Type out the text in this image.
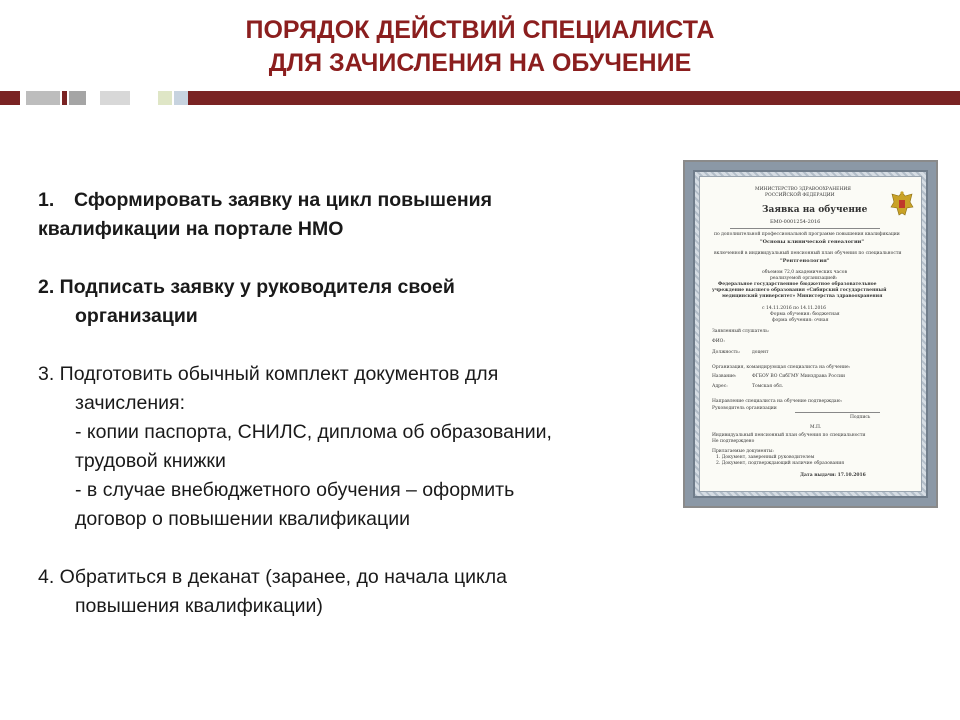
ПОРЯДОК ДЕЙСТВИЙ СПЕЦИАЛИСТА
ДЛЯ ЗАЧИСЛЕНИЯ НА ОБУЧЕНИЕ
1. Сформировать заявку на цикл повышения
квалификации на портале НМО
2. Подписать заявку у руководителя своей
организации
3. Подготовить обычный комплект документов для
зачисления:
- копии паспорта, СНИЛС, диплома об образовании,
трудовой книжки
- в случае внебюджетного обучения – оформить
договор о повышении квалификации
4. Обратиться в деканат (заранее, до начала цикла
повышения квалификации)
МИНИСТЕРСТВО ЗДРАВООХРАНЕНИЯ
РОССИЙСКОЙ ФЕДЕРАЦИИ
Заявка на обучение
БМ0-0001254-2016
по дополнительной профессиональной программе повышения квалификации
"Основы клинической генеалогии"
включенной в индивидуальный пенсионный план обучения по специальности
"Рентгенология"
объемом 72,0 академических часов
реализуемой организацией:
Федеральное государственное бюджетное образовательное
учреждение высшего образования «Сибирский государственный
медицинский университет» Министерства здравоохранения
с 14.11.2016 по 14.11.2016
Форма обучения: бюджетная
форма обучения: очная
Заявленный слушатель:
ФИО:
Должность:	доцент
Организация, командирующая специалиста на обучение:
Название:	ФГБОУ ВО СибГМУ Минздрава России
Адрес:	Томская обл.
Направление специалиста на обучение подтверждаю:
Руководитель организации
Подпись
М.П.
Индивидуальный пенсионный план обучения по специальности
Не подтверждено
Прилагаемые документы:
1. Документ, заверенный руководителем
2. Документ, подтверждающий наличие образования
Дата выдачи: 17.10.2016
